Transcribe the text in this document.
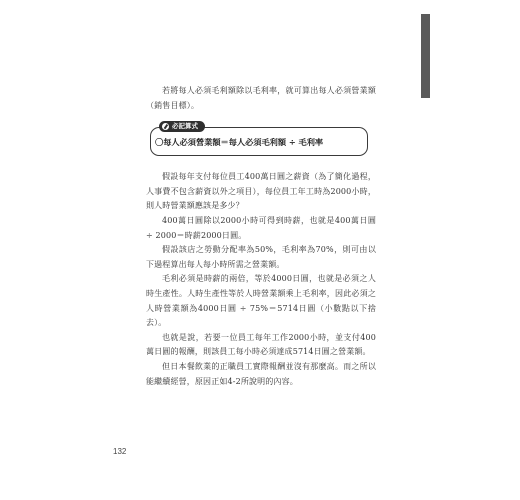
若將每人必須毛利額除以毛利率，就可算出每人必須營業額（銷售目標）。

必記算式
〇每人必須營業額＝每人必須毛利額 ÷ 毛利率

假設每年支付每位員工400萬日圓之薪資（為了簡化過程，人事費不包含薪資以外之項目），每位員工年工時為2000小時，則人時營業額應該是多少？

400萬日圓除以2000小時可得到時薪，也就是400萬日圓 ÷ 2000＝時薪2000日圓。

假設該店之勞動分配率為50%，毛利率為70%，則可由以下過程算出每人每小時所需之營業額。

毛利必須是時薪的兩倍，等於4000日圓，也就是必須之人時生產性。人時生產性等於人時營業額乘上毛利率，因此必須之人時營業額為4000日圓 ÷ 75%＝5714日圓（小數點以下捨去）。

也就是說，若要一位員工每年工作2000小時，並支付400萬日圓的報酬，則該員工每小時必須達成5714日圓之營業額。

但日本餐飲業的正職員工實際報酬並沒有那麼高。而之所以能繼續經營，原因正如4-2所說明的內容。

132
